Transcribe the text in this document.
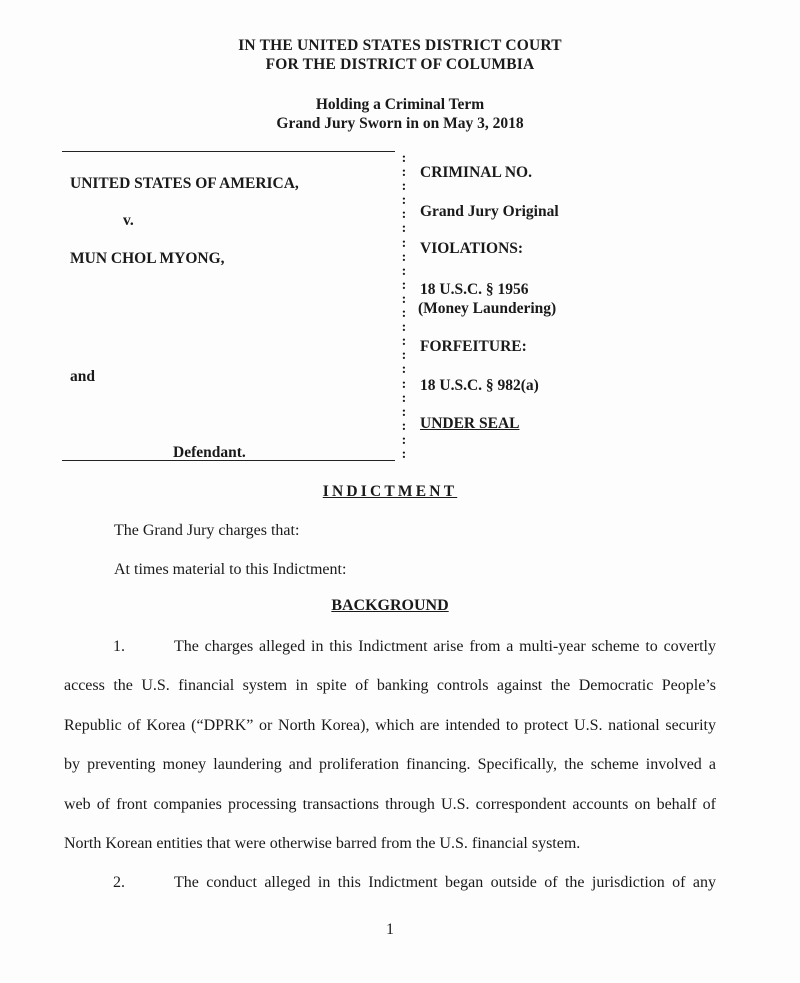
IN THE UNITED STATES DISTRICT COURT
FOR THE DISTRICT OF COLUMBIA
Holding a Criminal Term
Grand Jury Sworn in on May 3, 2018
UNITED STATES OF AMERICA,
v.
MUN CHOL MYONG,
and
Defendant.
:
:
:
:
:
:
:
:
:
:
:
:
:
:
:
:
:
:
:
:
:
:
CRIMINAL NO.
Grand Jury Original
VIOLATIONS:
18 U.S.C. § 1956
(Money Laundering)
FORFEITURE:
18 U.S.C. § 982(a)
UNDER SEAL
INDICTMENT
The Grand Jury charges that:
At times material to this Indictment:
BACKGROUND
1.	The charges alleged in this Indictment arise from a multi-year scheme to covertly
access the U.S. financial system in spite of banking controls against the Democratic People’s
Republic of Korea (“DPRK” or North Korea), which are intended to protect U.S. national security
by preventing money laundering and proliferation financing. Specifically, the scheme involved a
web of front companies processing transactions through U.S. correspondent accounts on behalf of
North Korean entities that were otherwise barred from the U.S. financial system.
2.	The conduct alleged in this Indictment began outside of the jurisdiction of any
1
